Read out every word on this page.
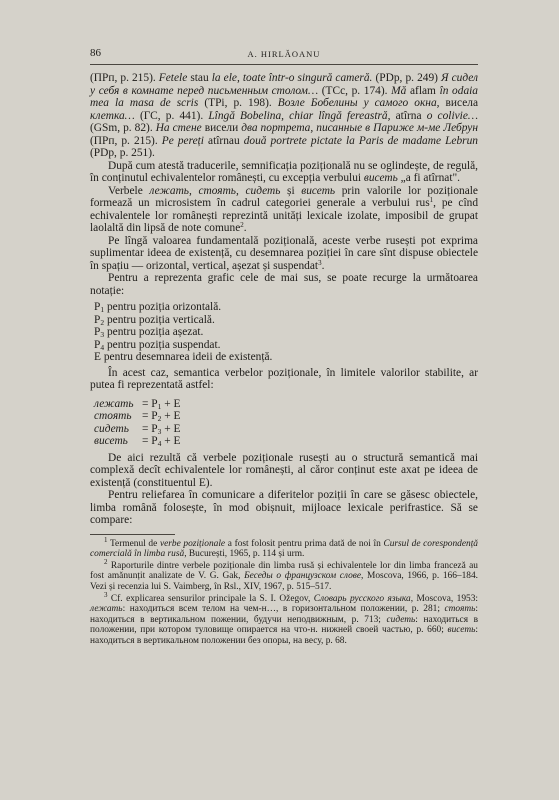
86	A. HIRLĂOANU

(ПРп, p. 215). Fetele stau la ele, toate într-o singură cameră. (PDp, p. 249) Я сидел у себя в комнате перед письменным столом… (TCc, p. 174). Mă aflam în odaia mea la masa de scris (TPi, p. 198). Возле Бобелины у самого окна, висела клетка… (ГС, p. 441). Lîngă Bobelina, chiar lîngă fereastră, atîrna o colivie… (GSm, p. 82). На стене висели два портрета, писанные в Париже м-ме Лебрун (ПРп, p. 215). Pe pereți atîrnau două portrete pictate la Paris de madame Lebrun (PDp, p. 251).

După cum atestă traducerile, semnificația pozițională nu se oglindește, de regulă, în conținutul echivalentelor românești, cu excepția verbului висеть „a fi atîrnat".

Verbele лежать, стоять, сидеть și висеть prin valorile lor poziționale formează un microsistem în cadrul categoriei generale a verbului rus$^1$, pe cînd echivalentele lor românești reprezintă unități lexicale izolate, imposibil de grupat laolaltă din lipsă de note comune$^2$.

Pe lîngă valoarea fundamentală pozițională, aceste verbe rusești pot exprima suplimentar ideea de existență, cu desemnarea poziției în care sînt dispuse obiectele în spațiu — orizontal, vertical, așezat și suspendat$^3$.

Pentru a reprezenta grafic cele de mai sus, se poate recurge la următoarea notație:

$P_1$ pentru poziția orizontală.
$P_2$ pentru poziția verticală.
$P_3$ pentru poziția așezat.
$P_4$ pentru poziția suspendat.
E pentru desemnarea ideii de existență.

În acest caz, semantica verbelor poziționale, în limitele valorilor stabilite, ar putea fi reprezentată astfel:

лежать = $P_1 + E$
стоять = $P_2 + E$
сидеть = $P_3 + E$
висеть = $P_4 + E$

De aici rezultă că verbele poziționale rusești au o structură semantică mai complexă decît echivalentele lor românești, al căror conținut este axat pe ideea de existență (constituentul E).

Pentru reliefarea în comunicare a diferitelor poziții în care se găsesc obiectele, limba română folosește, în mod obișnuit, mijloace lexicale perifrastice. Să se compare:

$^1$ Termenul de verbe poziționale a fost folosit pentru prima dată de noi în Cursul de corespondență comercială în limba rusă, București, 1965, p. 114 și urm.

$^2$ Raporturile dintre verbele poziționale din limba rusă și echivalentele lor din limba franceză au fost amănunțit analizate de V. G. Gak, Беседы о французском слове, Moscova, 1966, p. 166–184. Vezi și recenzia lui S. Vaimberg, în Rsl., XIV, 1967, p. 515–517.

$^3$ Cf. explicarea sensurilor principale la S. I. Ožegov, Словарь русского языка, Moscova, 1953: лежать: находиться всем телом на чем-н…, в горизонтальном положении, p. 281; стоять: находиться в вертикальном пожении, будучи неподвижным, p. 713; сидеть: находиться в положении, при котором туловище опирается на что-н. нижней своей частью, p. 660; висеть: находиться в вертикальном положении без опоры, на весу, p. 68.
